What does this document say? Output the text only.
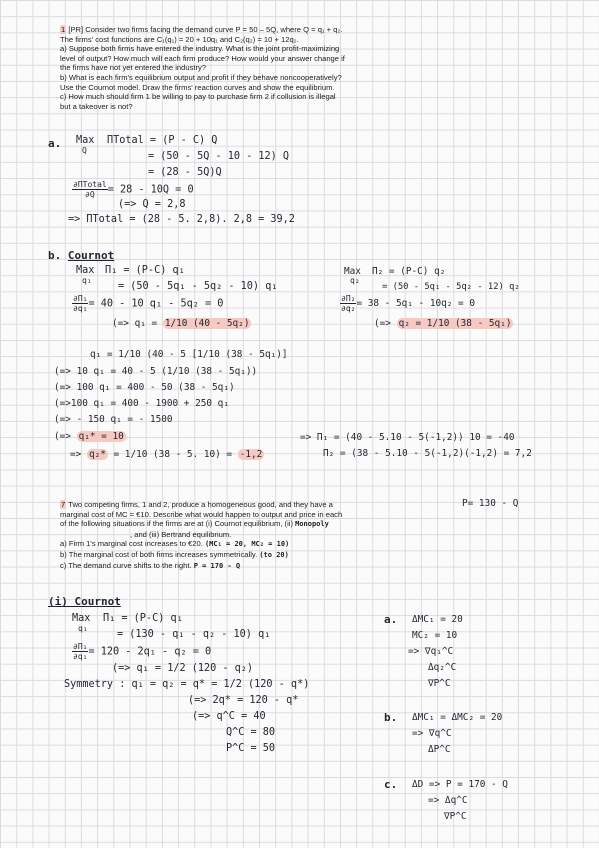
1 [PR] Consider two firms facing the demand curve P = 50 – 5Q, where Q = q₁ + q₂.
The firms' cost functions are C₁(q₁) = 20 + 10q₁ and C₂(q₂) = 10 + 12q₂.
a) Suppose both firms have entered the industry. What is the joint profit-maximizing
level of output? How much will each firm produce? How would your answer change if
the firms have not yet entered the industry?
b) What is each firm's equilibrium output and profit if they behave noncooperatively?
Use the Cournot model. Draw the firms' reaction curves and show the equilibrium.
c) How much should firm 1 be willing to pay to purchase firm 2 if collusion is illegal
but a takeover is not?
a. Max
Q
ΠTotal = (P - C) Q
= (50 - 5Q - 10 - 12) Q
= (28 - 5Q)Q
$\frac{\text{∂ΠTotal}}{\partial Q} = 28 - 10Q = 0$
(=> Q = 2,8
=> ΠTotal = (28 - 5. 2,8). 2,8 = 39,2
b. Cournot
Max
q₁
Π₁ = (P-C) q₁
= (50 - 5q₁ - 5q₂ - 10) q₁
$\frac{\text{∂Π₁}}{\text{∂q₁}} = 40 - 10$ q₁ - 5q₂ = 0
(=> q₁ = 1/10 (40 - 5q₂)
Max
q₂
Π₂ = (P-C) q₂
= (50 - 5q₁ - 5q₂ - 12) q₂
$\frac{\text{∂Π₂}}{\text{∂q₂}} = 38 - 5q_1 - 10q_2 = 0$
(=> q₂ = 1/10 (38 - 5q₁)
q₁ = 1/10 (40 - 5 [1/10 (38 - 5q₁)]
(=> 10 q₁ = 40 - 5 (1/10 (38 - 5q₁))
(=> 100 q₁ = 400 - 50 (38 - 5q₁)
(=>100 q₁ = 400 - 1900 + 250 q₁
(=> - 150 q₁ = - 1500
(=> q₁* = 10
=> q₂* = 1/10 (38 - 5. 10) = -1,2
=> Π₁ = (40 - 5.10 - 5(-1,2)) 10 = -40
Π₂ = (38 - 5.10 - 5(-1,2)(-1,2) = 7,2
7 Two competing firms, 1 and 2, produce a homogeneous good, and they have a
marginal cost of MC = €10. Describe what would happen to output and price in each
of the following situations if the firms are at (i) Cournot equilibrium, (ii) Monopoly
, and (iii) Bertrand equilibrium.
a) Firm 1's marginal cost increases to €20. (MC₁ = 20, MC₂ = 10)
b) The marginal cost of both firms increases symmetrically. (to 20)
c) The demand curve shifts to the right. P = 170 - Q
P= 130 - Q
(i) Cournot
Max
q₁
Π₁ = (P-C) q₁
= (130 - q₁ - q₂ - 10) q₁
$\frac{\text{∂Π₁}}{\text{∂q₁}} = 120 - 2q_1 - q_2 = 0$
(=> q₁ = 1/2 (120 - q₂)
Symmetry : q₁ = q₂ = q* = 1/2 (120 - q*)
(=> 2q* = 120 - q*
(=> q^C = 40
Q^C = 80
P^C = 50
a. ΔMC₁ = 20
MC₂ = 10
=> ∇q₁^C
Δq₂^C
∇P^C
b. ΔMC₁ = ΔMC₂ = 20
=> ∇q^C
ΔP^C
c. ΔD => P = 170 - Q
=> Δq^C
∇P^C
